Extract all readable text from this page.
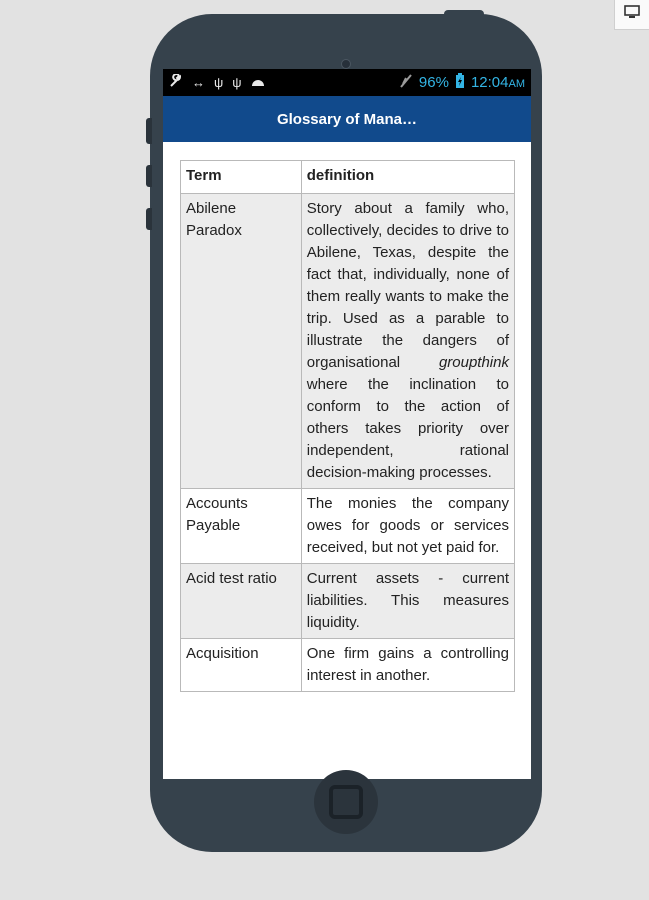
↔ ψ ψ	96% 12:04AM
Glossary of Mana…
Term	definition
Abilene Paradox	Story about a family who, collectively, decides to drive to Abilene, Texas, despite the fact that, individually, none of them really wants to make the trip. Used as a parable to illustrate the dangers of organisational groupthink where the inclination to conform to the action of others takes priority over independent, rational decision-making processes.
Accounts Payable	The monies the company owes for goods or services received, but not yet paid for.
Acid test ratio	Current assets - current liabilities. This measures liquidity.
Acquisition	One firm gains a controlling interest in another.
